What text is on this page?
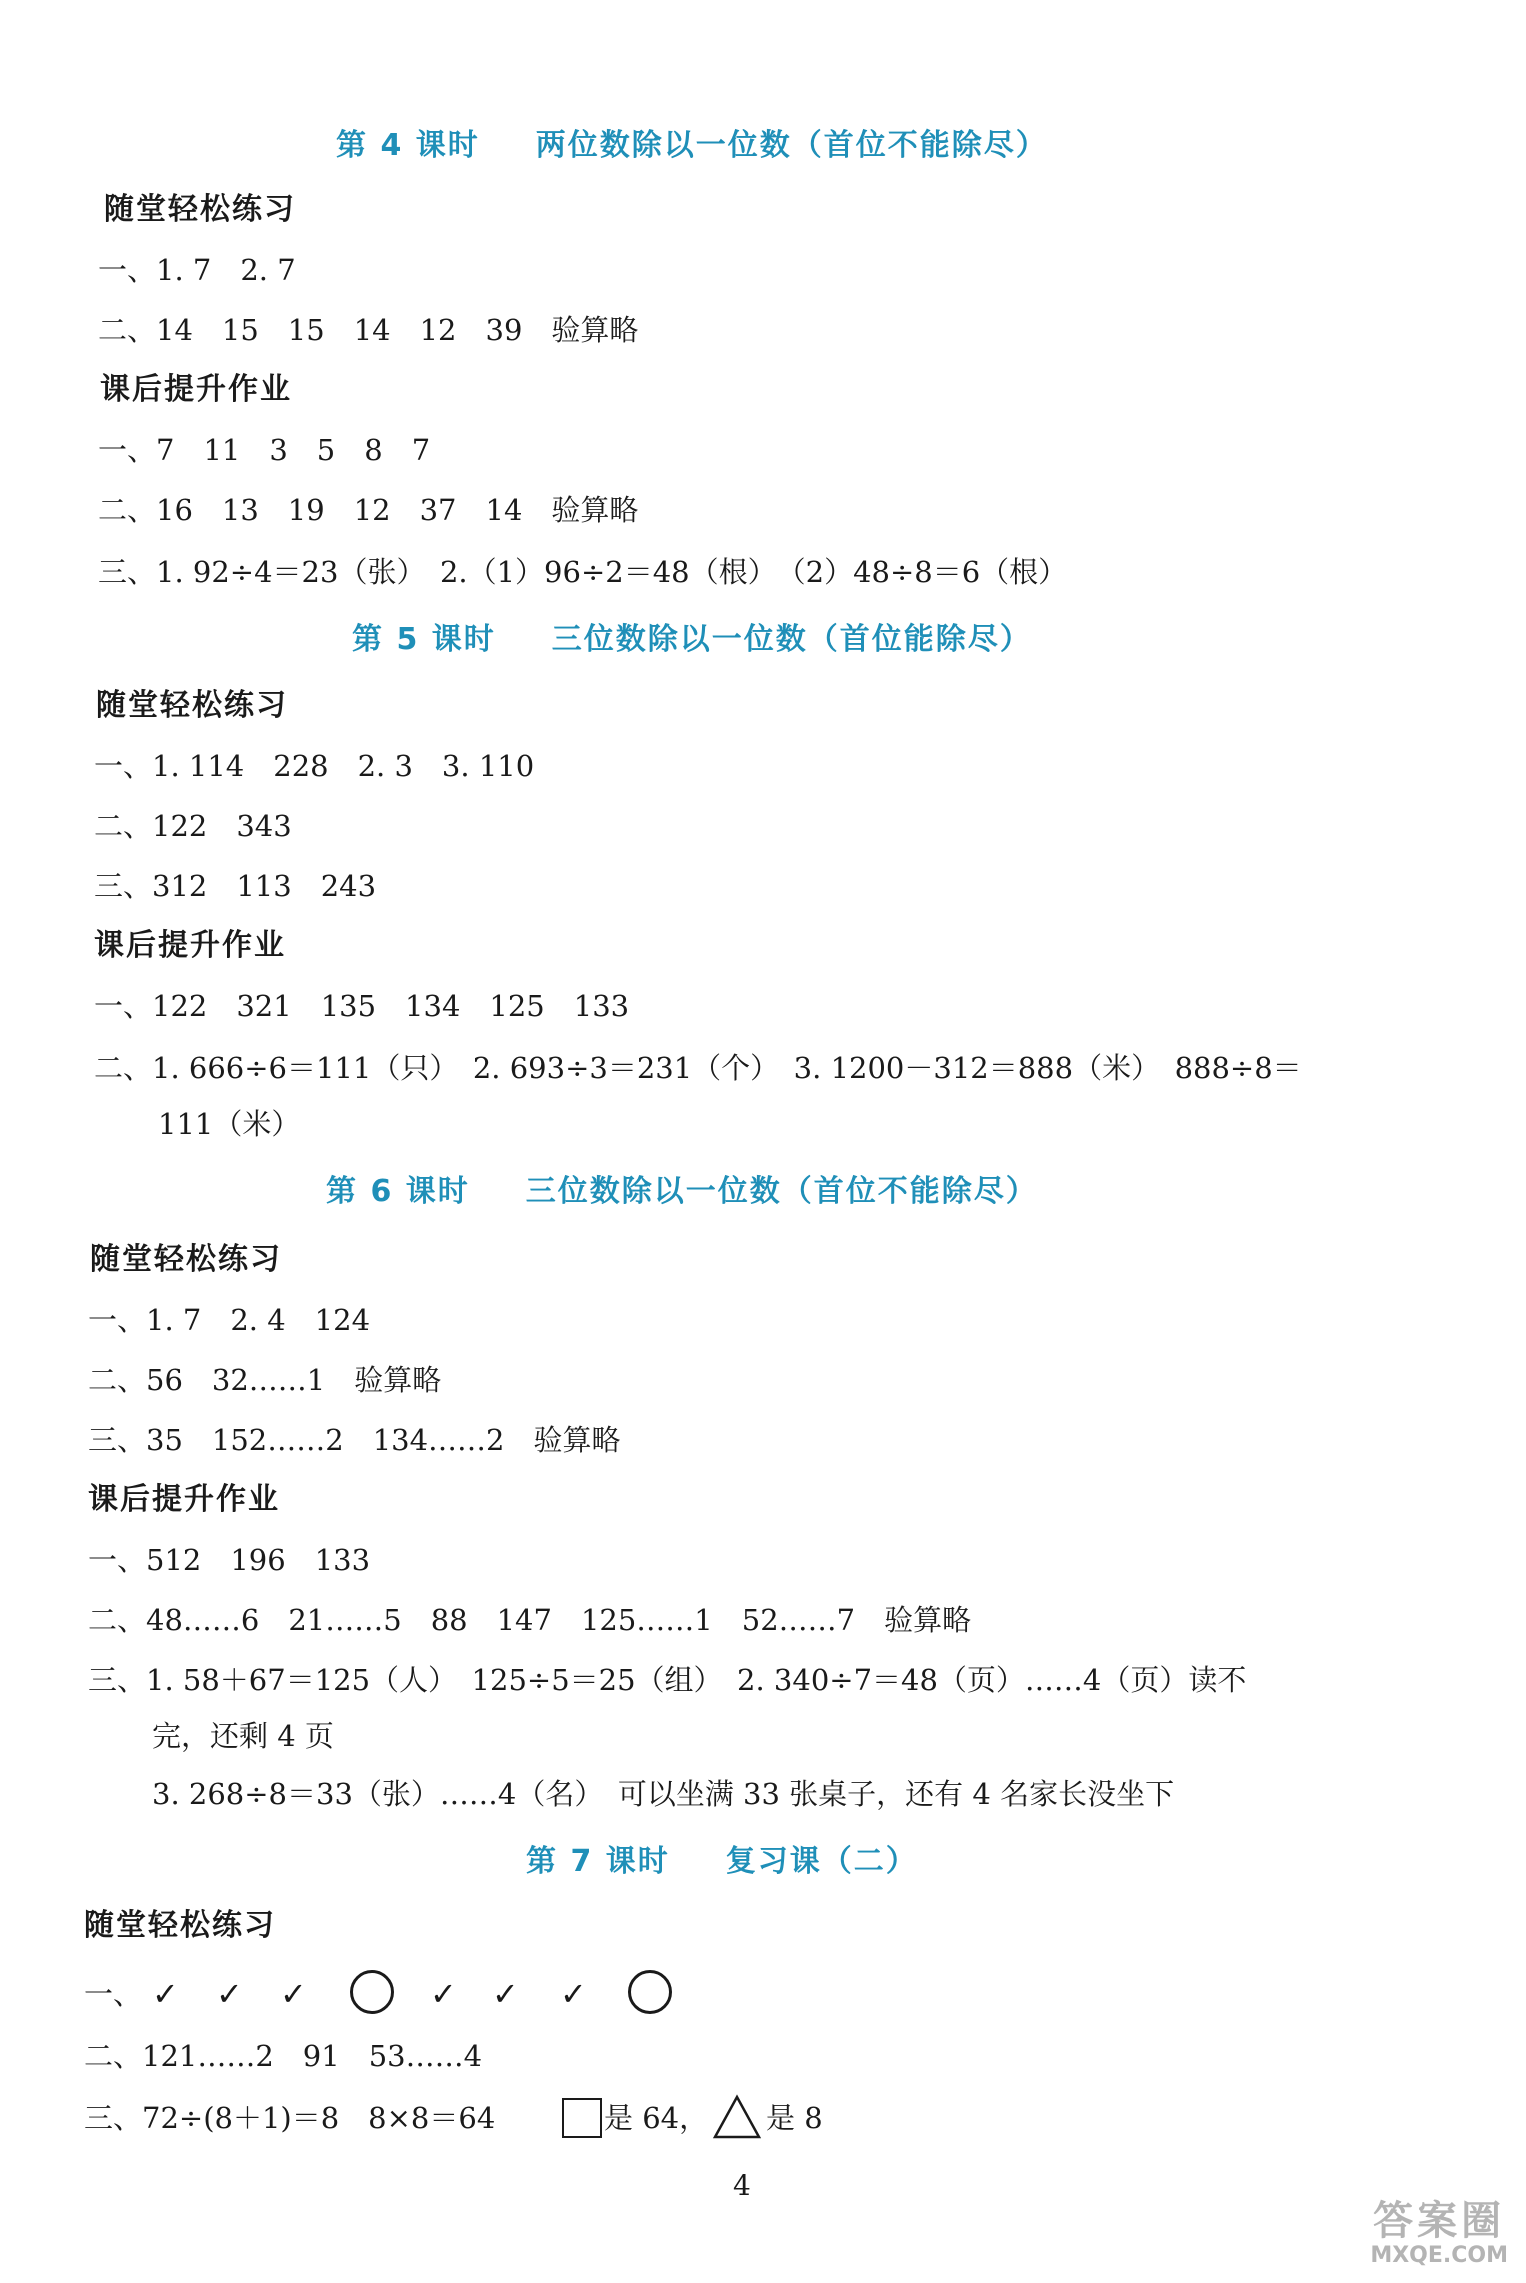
第 4 课时 两位数除以一位数（首位不能除尽）
随堂轻松练习
一、1. 7　2. 7
二、14　15　15　14　12　39　验算略
课后提升作业
一、7　11　3　5　8　7
二、16　13　19　12　37　14　验算略
三、1. 92÷4＝23（张）　2.（1）96÷2＝48（根）　（2）48÷8＝6（根）
第 5 课时 三位数除以一位数（首位能除尽）
随堂轻松练习
一、1. 114　228　2. 3　3. 110
二、122　343
三、312　113　243
课后提升作业
一、122　321　135　134　125　133
二、1. 666÷6＝111（只）　2. 693÷3＝231（个）　3. 1200－312＝888（米）　888÷8＝
111（米）
第 6 课时 三位数除以一位数（首位不能除尽）
随堂轻松练习
一、1. 7　2. 4　124
二、56　32……1　验算略
三、35　152……2　134……2　验算略
课后提升作业
一、512　196　133
二、48……6　21……5　88　147　125……1　52……7　验算略
三、1. 58＋67＝125（人）　125÷5＝25（组）　2. 340÷7＝48（页）……4（页）读不
完，还剩 4 页
3. 268÷8＝33（张）……4（名）　可以坐满 33 张桌子，还有 4 名家长没坐下
第 7 课时 复习课（二）
随堂轻松练习
一、 ✓ ✓ ✓	✓ ✓ ✓
二、121……2　91　53……4
三、72÷(8＋1)＝8　8×8＝64	是 64， 是 8
4
答案圈
MXQE.COM
